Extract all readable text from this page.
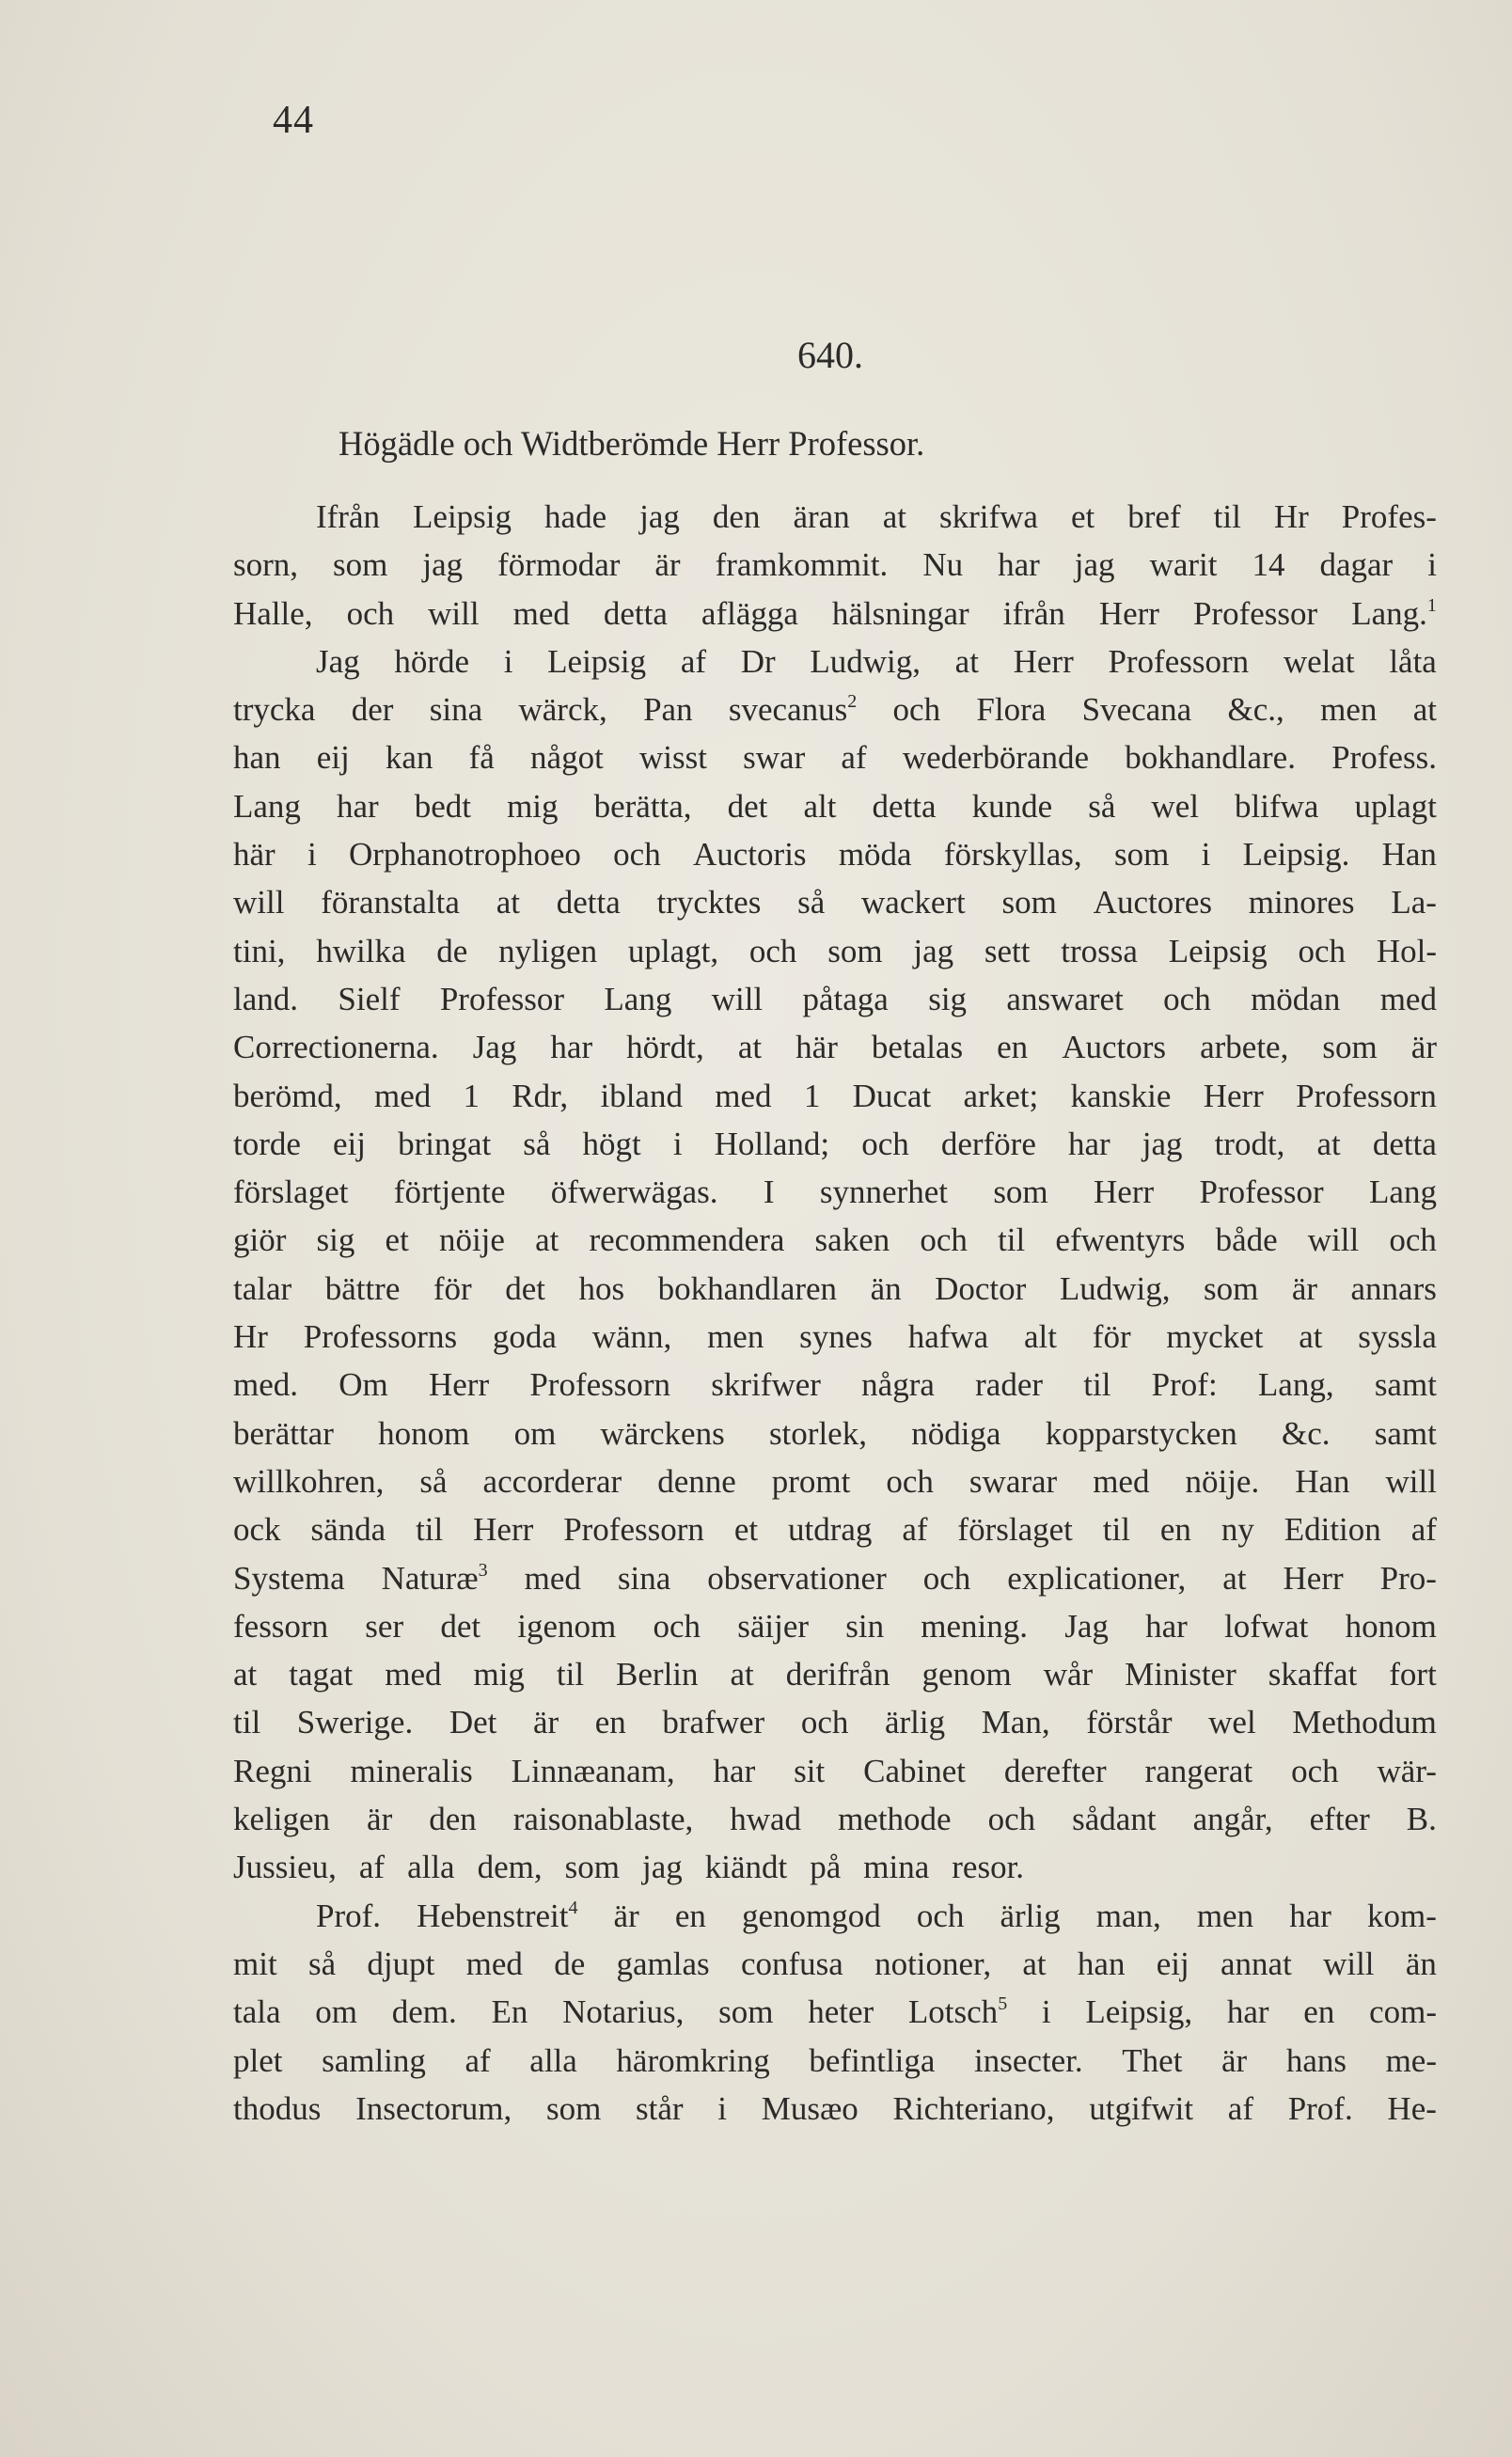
44
640.
Högädle och Widtberömde Herr Professor.
Ifrån Leipsig hade jag den äran at skrifwa et bref til Hr Profes-
sorn, som jag förmodar är framkommit. Nu har jag warit 14 dagar i
Halle, och will med detta aflägga hälsningar ifrån Herr Professor Lang.$^1$
Jag hörde i Leipsig af Dr Ludwig, at Herr Professorn welat låta
trycka der sina wärck, Pan svecanus$^2$ och Flora Svecana &c., men at
han eij kan få något wisst swar af wederbörande bokhandlare. Profess.
Lang har bedt mig berätta, det alt detta kunde så wel blifwa uplagt
här i Orphanotrophoeo och Auctoris möda förskyllas, som i Leipsig. Han
will föranstalta at detta trycktes så wackert som Auctores minores La-
tini, hwilka de nyligen uplagt, och som jag sett trossa Leipsig och Hol-
land. Sielf Professor Lang will påtaga sig answaret och mödan med
Correctionerna. Jag har hördt, at här betalas en Auctors arbete, som är
berömd, med 1 Rdr, ibland med 1 Ducat arket; kanskie Herr Professorn
torde eij bringat så högt i Holland; och derföre har jag trodt, at detta
förslaget förtjente öfwerwägas. I synnerhet som Herr Professor Lang
giör sig et nöije at recommendera saken och til efwentyrs både will och
talar bättre för det hos bokhandlaren än Doctor Ludwig, som är annars
Hr Professorns goda wänn, men synes hafwa alt för mycket at syssla
med. Om Herr Professorn skrifwer några rader til Prof: Lang, samt
berättar honom om wärckens storlek, nödiga kopparstycken &c. samt
willkohren, så accorderar denne promt och swarar med nöije. Han will
ock sända til Herr Professorn et utdrag af förslaget til en ny Edition af
Systema Naturæ$^3$ med sina observationer och explicationer, at Herr Pro-
fessorn ser det igenom och säijer sin mening. Jag har lofwat honom
at tagat med mig til Berlin at derifrån genom wår Minister skaffat fort
til Swerige. Det är en brafwer och ärlig Man, förstår wel Methodum
Regni mineralis Linnæanam, har sit Cabinet derefter rangerat och wär-
keligen är den raisonablaste, hwad methode och sådant angår, efter B.
Jussieu, af alla dem, som jag kiändt på mina resor.
Prof. Hebenstreit$^4$ är en genomgod och ärlig man, men har kom-
mit så djupt med de gamlas confusa notioner, at han eij annat will än
tala om dem. En Notarius, som heter Lotsch$^5$ i Leipsig, har en com-
plet samling af alla häromkring befintliga insecter. Thet är hans me-
thodus Insectorum, som står i Musæo Richteriano, utgifwit af Prof. He-
